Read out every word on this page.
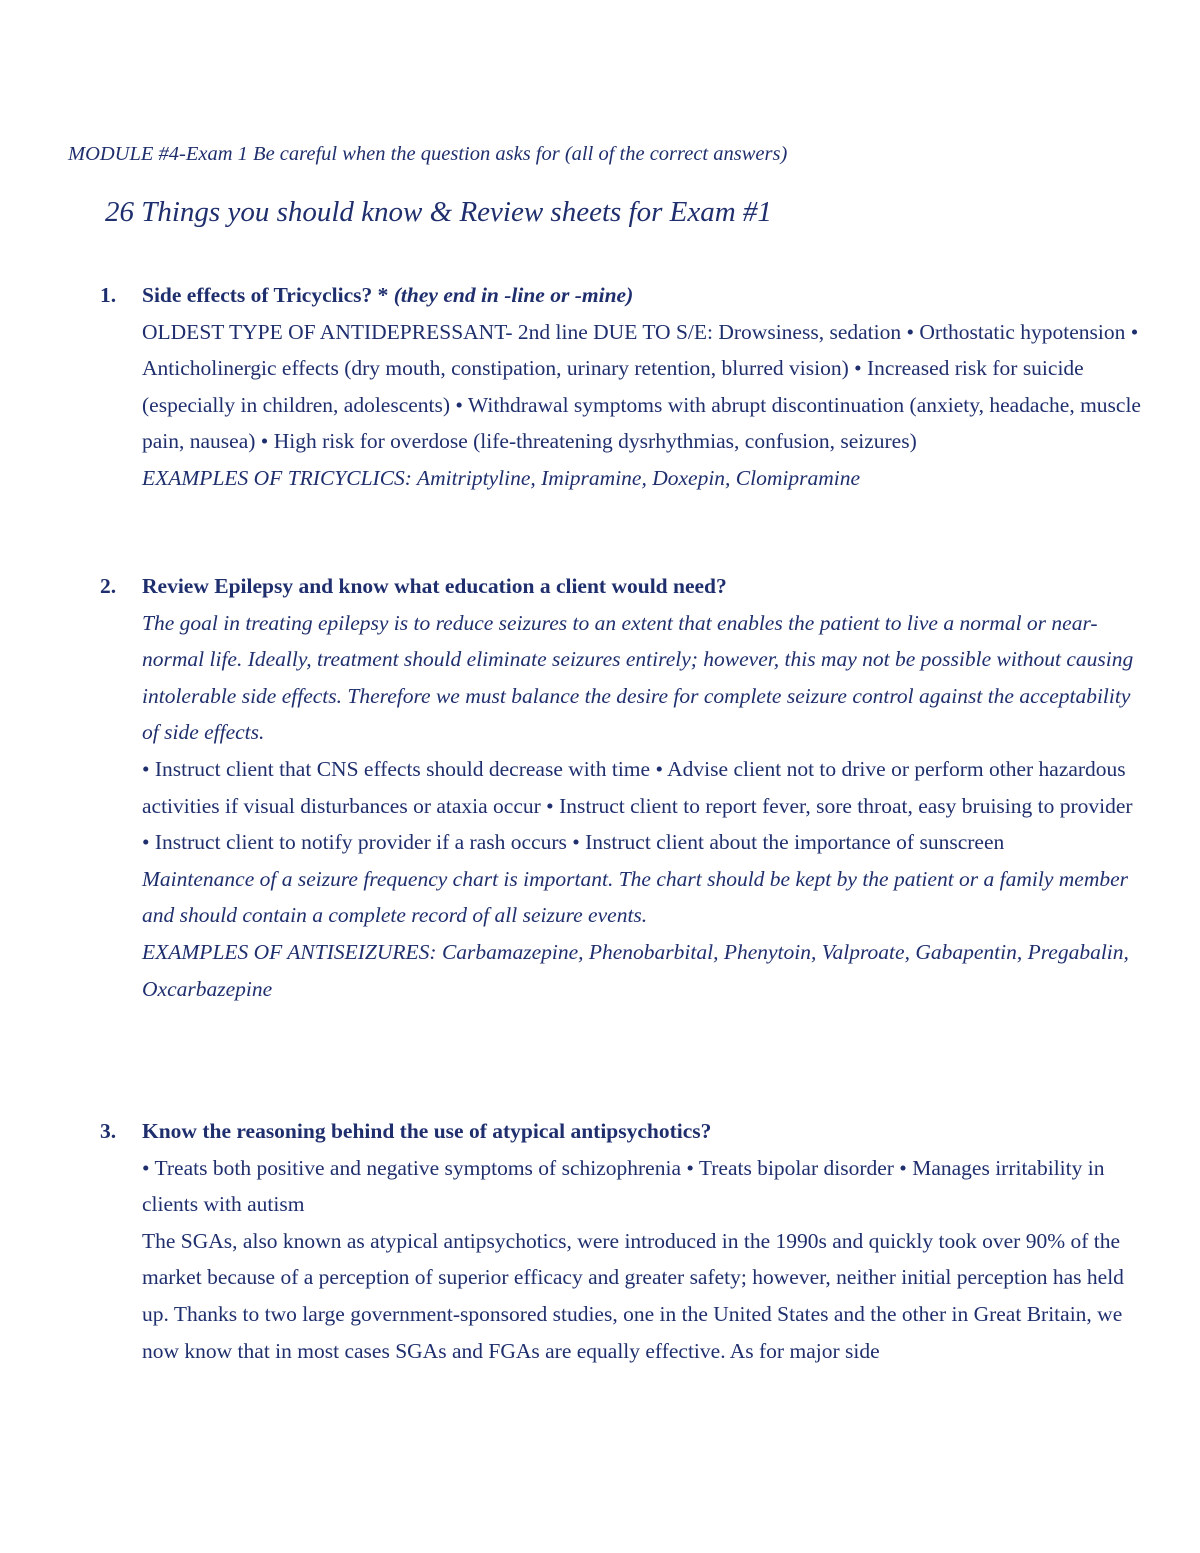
MODULE #4-Exam 1 Be careful when the question asks for (all of the correct answers)
26 Things you should know & Review sheets for Exam #1
1. Side effects of Tricyclics? * (they end in -line or -mine)

OLDEST TYPE OF ANTIDEPRESSANT- 2nd line DUE TO S/E: Drowsiness, sedation • Orthostatic hypotension • Anticholinergic effects (dry mouth, constipation, urinary retention, blurred vision) • Increased risk for suicide (especially in children, adolescents) • Withdrawal symptoms with abrupt discontinuation (anxiety, headache, muscle pain, nausea) • High risk for overdose (life-threatening dysrhythmias, confusion, seizures)

EXAMPLES OF TRICYCLICS: Amitriptyline, Imipramine, Doxepin, Clomipramine

2. Review Epilepsy and know what education a client would need?

The goal in treating epilepsy is to reduce seizures to an extent that enables the patient to live a normal or near-normal life. Ideally, treatment should eliminate seizures entirely; however, this may not be possible without causing intolerable side effects. Therefore we must balance the desire for complete seizure control against the acceptability of side effects.

• Instruct client that CNS effects should decrease with time • Advise client not to drive or perform other hazardous activities if visual disturbances or ataxia occur • Instruct client to report fever, sore throat, easy bruising to provider • Instruct client to notify provider if a rash occurs • Instruct client about the importance of sunscreen

Maintenance of a seizure frequency chart is important. The chart should be kept by the patient or a family member and should contain a complete record of all seizure events.

EXAMPLES OF ANTISEIZURES: Carbamazepine, Phenobarbital, Phenytoin, Valproate, Gabapentin, Pregabalin, Oxcarbazepine

3. Know the reasoning behind the use of atypical antipsychotics?

• Treats both positive and negative symptoms of schizophrenia • Treats bipolar disorder • Manages irritability in clients with autism

The SGAs, also known as atypical antipsychotics, were introduced in the 1990s and quickly took over 90% of the market because of a perception of superior efficacy and greater safety; however, neither initial perception has held up. Thanks to two large government-sponsored studies, one in the United States and the other in Great Britain, we now know that in most cases SGAs and FGAs are equally effective. As for major side
